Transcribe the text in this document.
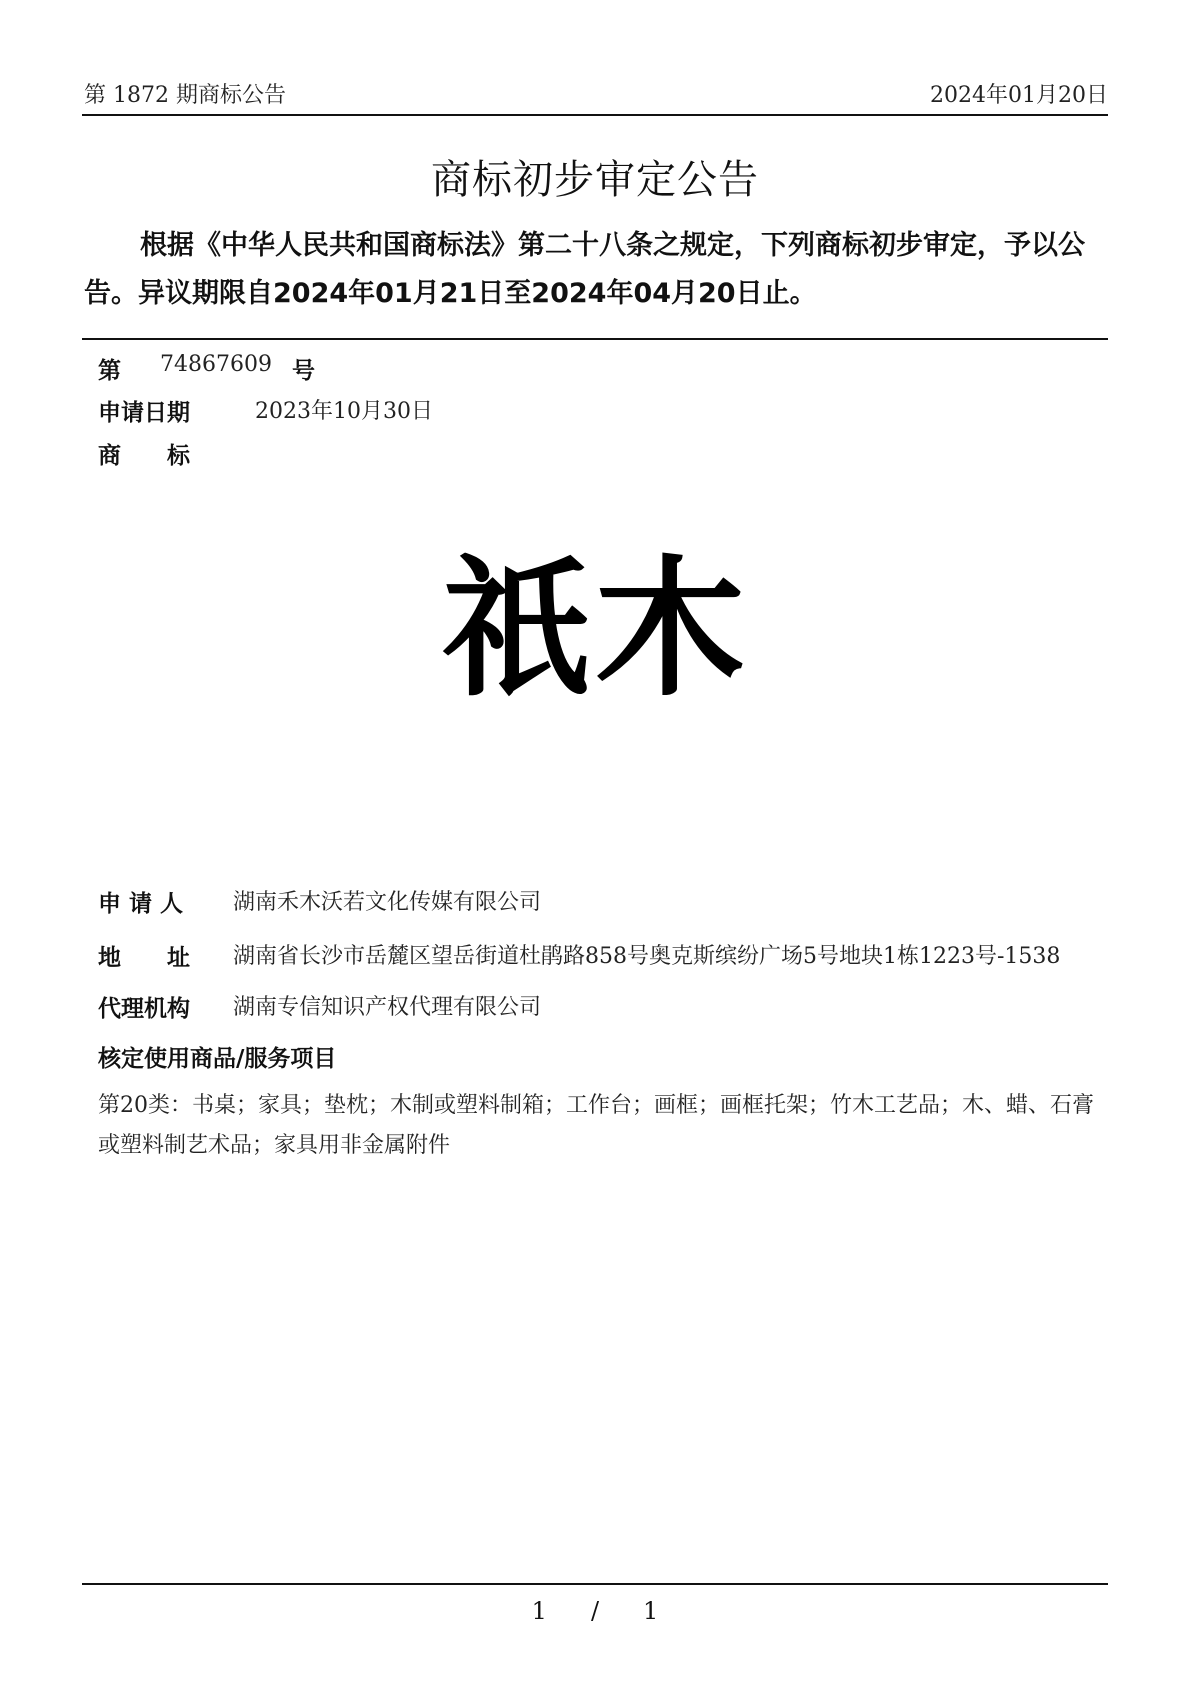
第 1872 期商标公告	2024年01月20日
商标初步审定公告
根据《中华人民共和国商标法》第二十八条之规定，下列商标初步审定，予以公告。异议期限自2024年01月21日至2024年04月20日止。
第 74867609 号
申请日期	2023年10月30日
商　　标
祇木
申 请 人 湖南禾木沃若文化传媒有限公司
地　　址 湖南省长沙市岳麓区望岳街道杜鹃路858号奥克斯缤纷广场5号地块1栋1223号-1538
代理机构 湖南专信知识产权代理有限公司
核定使用商品/服务项目
第20类：书桌；家具；垫枕；木制或塑料制箱；工作台；画框；画框托架；竹木工艺品；木、蜡、石膏或塑料制艺术品；家具用非金属附件
1 / 1
